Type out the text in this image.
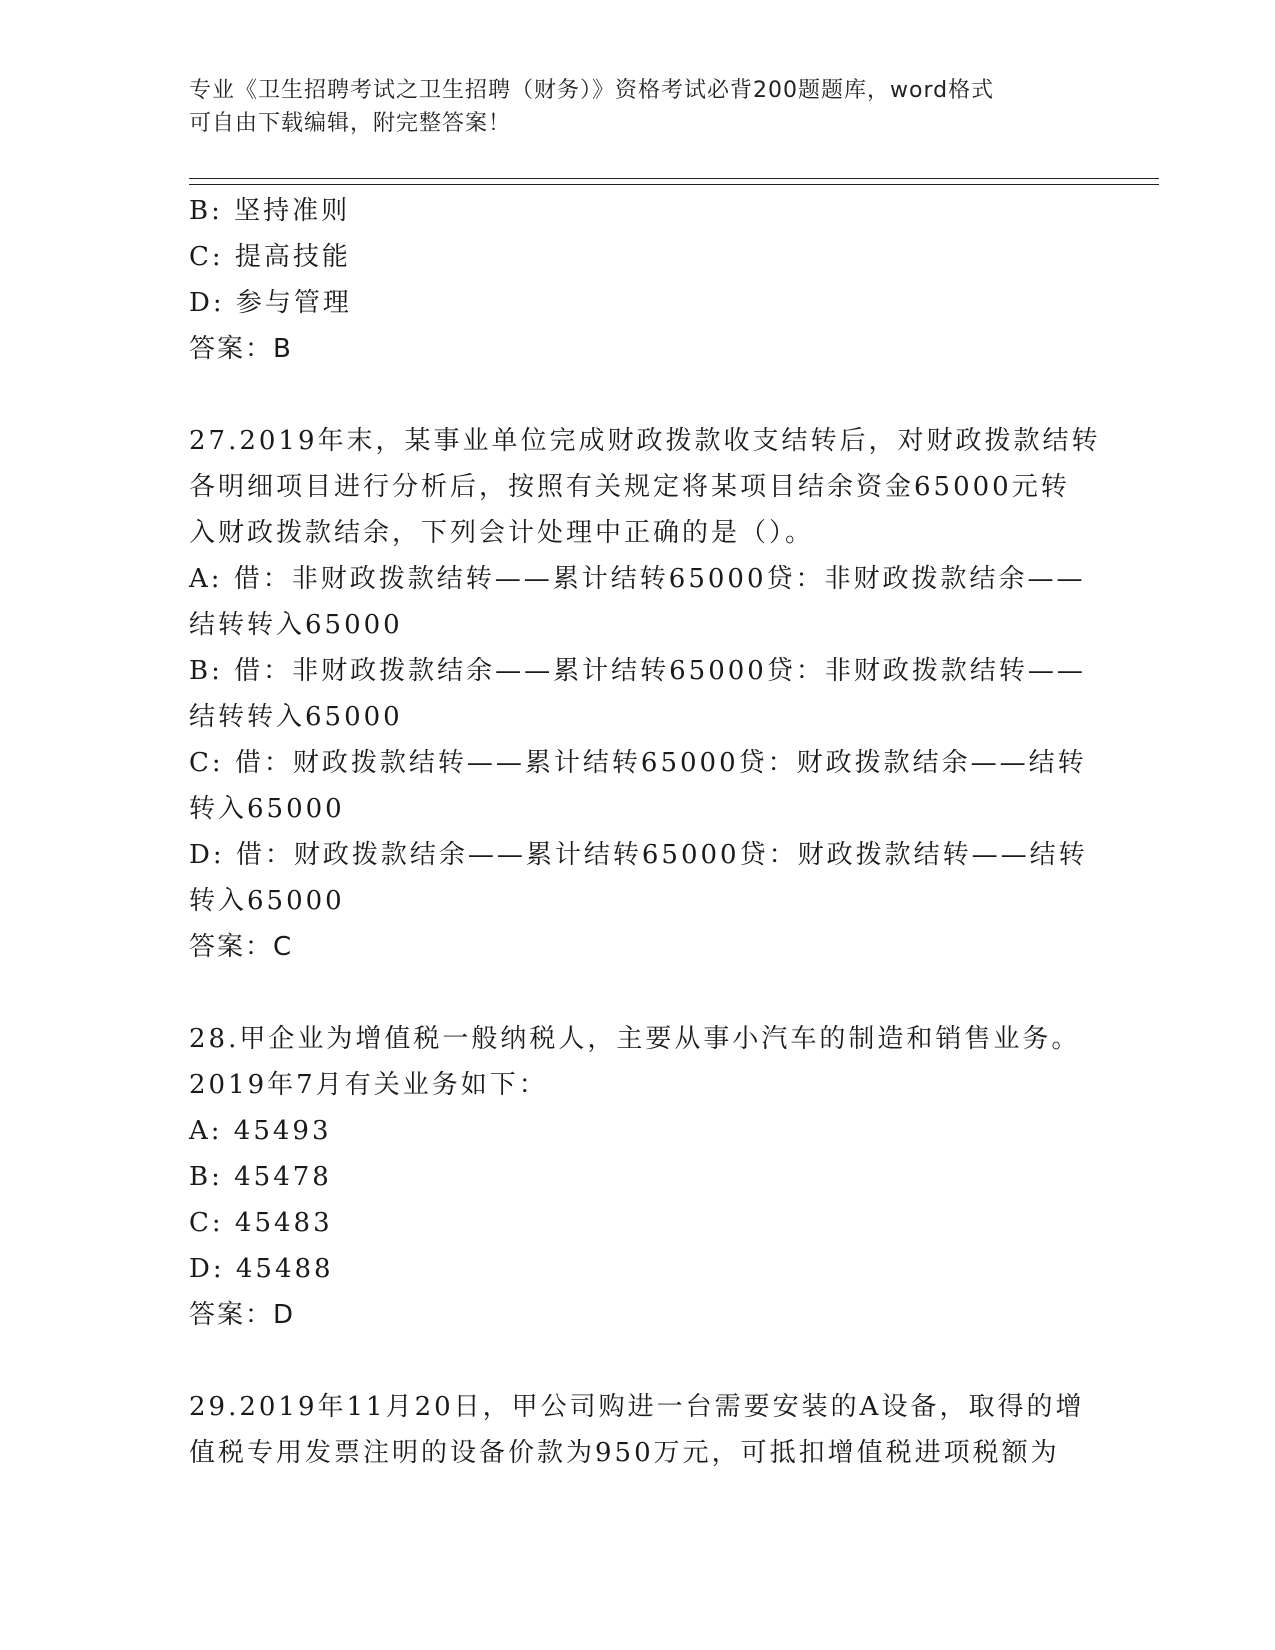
专业《卫生招聘考试之卫生招聘（财务）》资格考试必背200题题库，word格式
可自由下载编辑，附完整答案！
B: 坚持准则
C: 提高技能
D: 参与管理
答案：B
27.2019年末，某事业单位完成财政拨款收支结转后，对财政拨款结转
各明细项目进行分析后，按照有关规定将某项目结余资金65000元转
入财政拨款结余，下列会计处理中正确的是（）。
A: 借：非财政拨款结转——累计结转65000贷：非财政拨款结余——
结转转入65000
B: 借：非财政拨款结余——累计结转65000贷：非财政拨款结转——
结转转入65000
C: 借：财政拨款结转——累计结转65000贷：财政拨款结余——结转
转入65000
D: 借：财政拨款结余——累计结转65000贷：财政拨款结转——结转
转入65000
答案：C
28.甲企业为增值税一般纳税人，主要从事小汽车的制造和销售业务。
2019年7月有关业务如下：
A: 45493
B: 45478
C: 45483
D: 45488
答案：D
29.2019年11月20日，甲公司购进一台需要安装的A设备，取得的增
值税专用发票注明的设备价款为950万元，可抵扣增值税进项税额为
